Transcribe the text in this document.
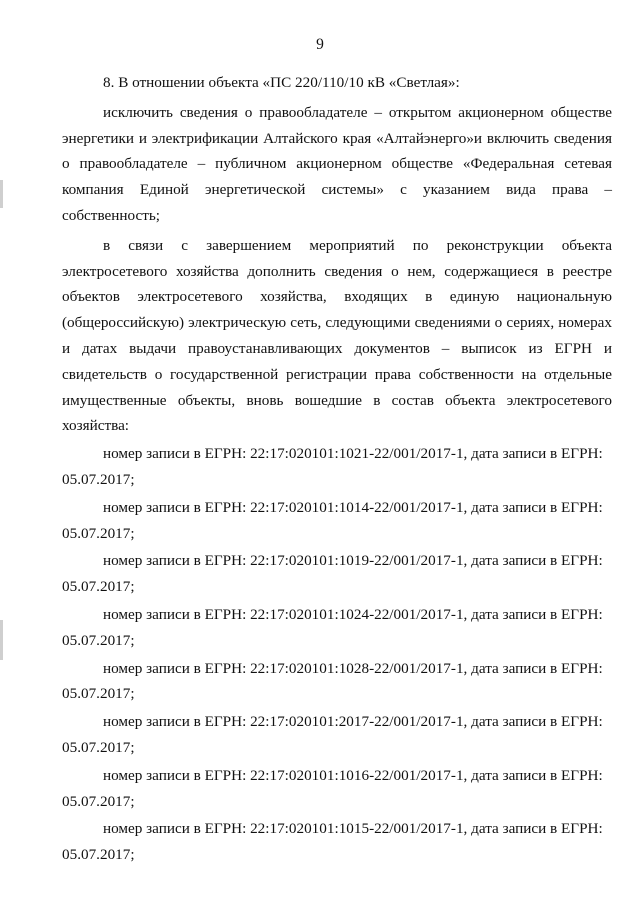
9

8. В отношении объекта «ПС 220/110/10 кВ «Светлая»:

исключить сведения о правообладателе – открытом акционерном обществе энергетики и электрификации Алтайского края «Алтайэнерго»и включить сведения о правообладателе – публичном акционерном обществе «Федеральная сетевая компания Единой энергетической системы» с указанием вида права – собственность;

в связи с завершением мероприятий по реконструкции объекта электросетевого хозяйства дополнить сведения о нем, содержащиеся в реестре объектов электросетевого хозяйства, входящих в единую национальную (общероссийскую) электрическую сеть, следующими сведениями о сериях, номерах и датах выдачи правоустанавливающих документов – выписок из ЕГРН и свидетельств о государственной регистрации права собственности на отдельные имущественные объекты, вновь вошедшие в состав объекта электросетевого хозяйства:

номер записи в ЕГРН: 22:17:020101:1021-22/001/2017-1, дата записи в ЕГРН:
05.07.2017;
номер записи в ЕГРН: 22:17:020101:1014-22/001/2017-1, дата записи в ЕГРН:
05.07.2017;
номер записи в ЕГРН: 22:17:020101:1019-22/001/2017-1, дата записи в ЕГРН:
05.07.2017;
номер записи в ЕГРН: 22:17:020101:1024-22/001/2017-1, дата записи в ЕГРН:
05.07.2017;
номер записи в ЕГРН: 22:17:020101:1028-22/001/2017-1, дата записи в ЕГРН:
05.07.2017;
номер записи в ЕГРН: 22:17:020101:2017-22/001/2017-1, дата записи в ЕГРН:
05.07.2017;
номер записи в ЕГРН: 22:17:020101:1016-22/001/2017-1, дата записи в ЕГРН:
05.07.2017;
номер записи в ЕГРН: 22:17:020101:1015-22/001/2017-1, дата записи в ЕГРН:
05.07.2017;
